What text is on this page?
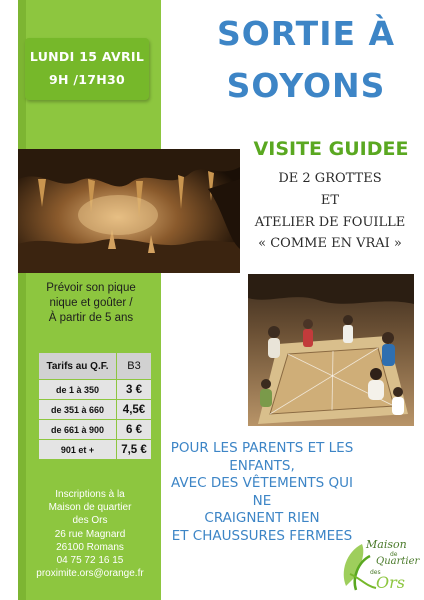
LUNDI 15 AVRIL
9H /17H30
Prévoir son pique
nique et goûter /
À partir de 5 ans
Tarifs au Q.F.	B3
de 1 à 350	3 €
de 351 à 660	4,5€
de 661 à 900	6 €
901 et +	7,5 €
Inscriptions à la
Maison de quartier
des Ors
26 rue Magnard
26100 Romans
04 75 72 16 15
proximite.ors@orange.fr
SORTIE À
SOYONS
VISITE GUIDEE
DE 2 GROTTES
ET
ATELIER DE FOUILLE
« COMME EN VRAI »
POUR LES PARENTS ET LES
ENFANTS,
AVEC DES VÊTEMENTS QUI NE
CRAIGNENT RIEN
ET CHAUSSURES FERMEES
Maison
de
Quartier
des
Ors
